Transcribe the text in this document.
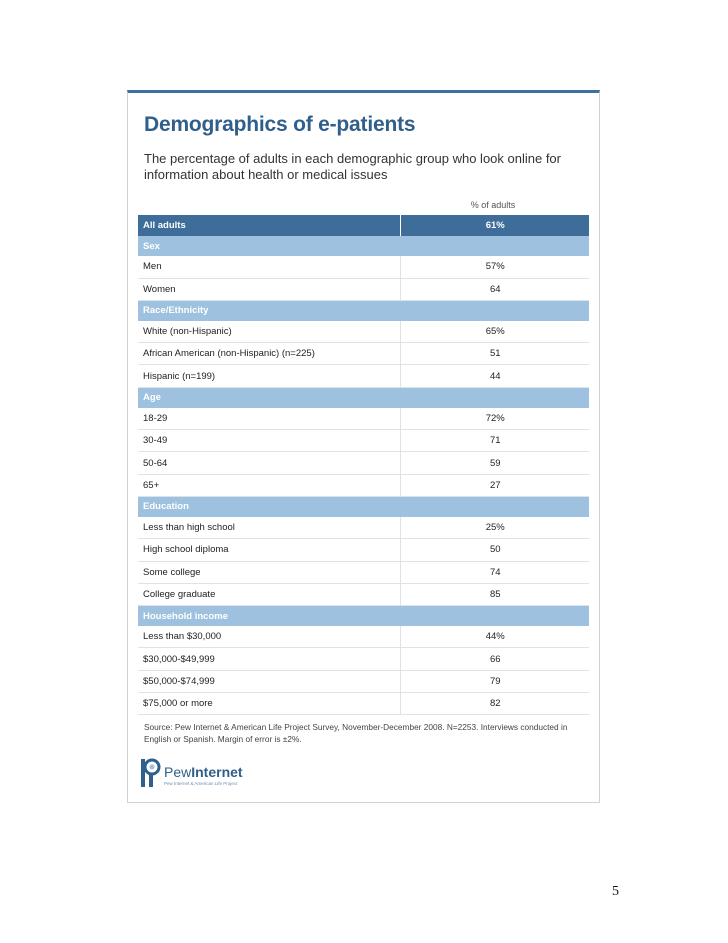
Demographics of e-patients
The percentage of adults in each demographic group who look online for information about health or medical issues
% of adults
All adults	61%
Sex	
Men	57%
Women	64
Race/Ethnicity	
White (non-Hispanic)	65%
African American (non-Hispanic) (n=225)	51
Hispanic (n=199)	44
Age	
18-29	72%
30-49	71
50-64	59
65+	27
Education	
Less than high school	25%
High school diploma	50
Some college	74
College graduate	85
Household income	
Less than $30,000	44%
$30,000-$49,999	66
$50,000-$74,999	79
$75,000 or more	82
Source: Pew Internet & American Life Project Survey, November-December 2008. N=2253. Interviews conducted in English or Spanish. Margin of error is ±2%.
PewInternet
Pew Internet & American Life Project
5
